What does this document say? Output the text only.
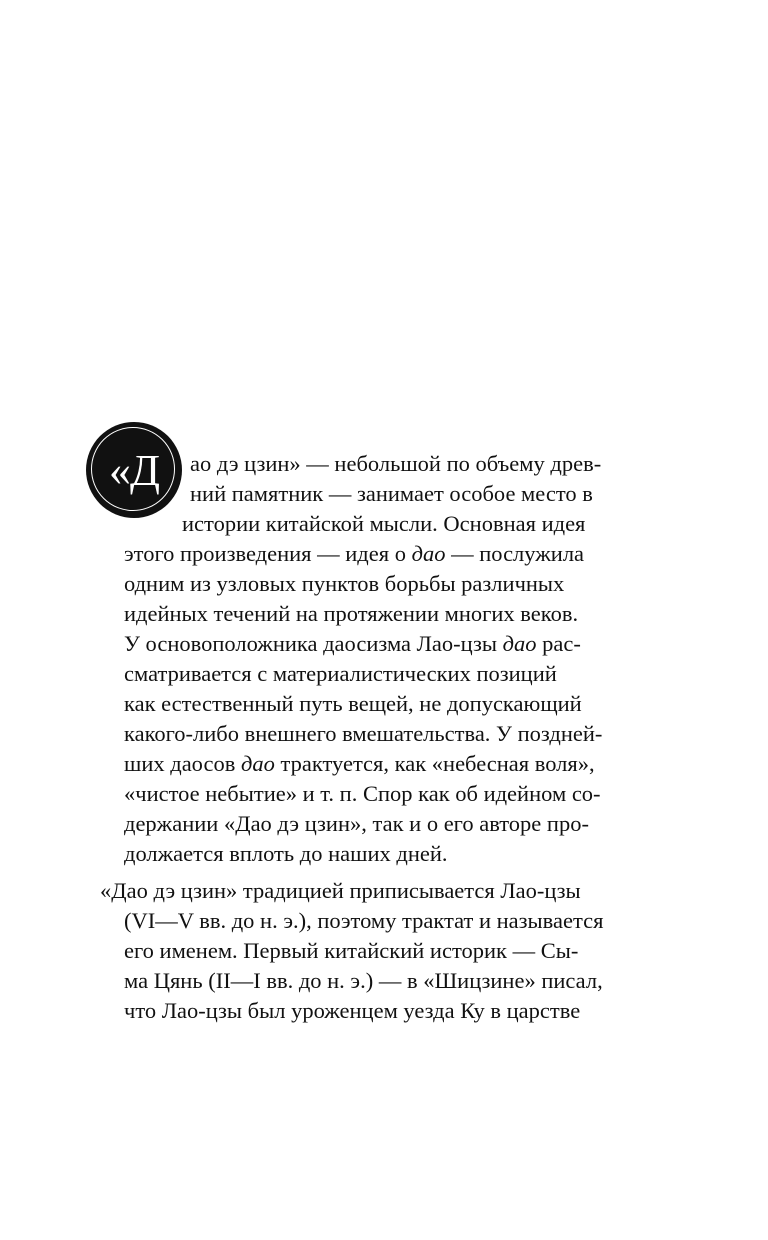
«Д ао дэ цзин» — небольшой по объему древ-
ний памятник — занимает особое место в
истории китайской мысли. Основная идея
этого произведения — идея о дао — послужила
одним из узловых пунктов борьбы различных
идейных течений на протяжении многих веков.
У основоположника даосизма Лао-цзы дао рас-
сматривается с материалистических позиций
как естественный путь вещей, не допускающий
какого-либо внешнего вмешательства. У поздней-
ших даосов дао трактуется, как «небесная воля»,
«чистое небытие» и т. п. Спор как об идейном со-
держании «Дао дэ цзин», так и о его авторе про-
должается вплоть до наших дней.
«Дао дэ цзин» традицией приписывается Лао-цзы
(VI—V вв. до н. э.), поэтому трактат и называется
его именем. Первый китайский историк — Сы-
ма Цянь (II—I вв. до н. э.) — в «Шицзине» писал,
что Лао-цзы был уроженцем уезда Ку в царстве
